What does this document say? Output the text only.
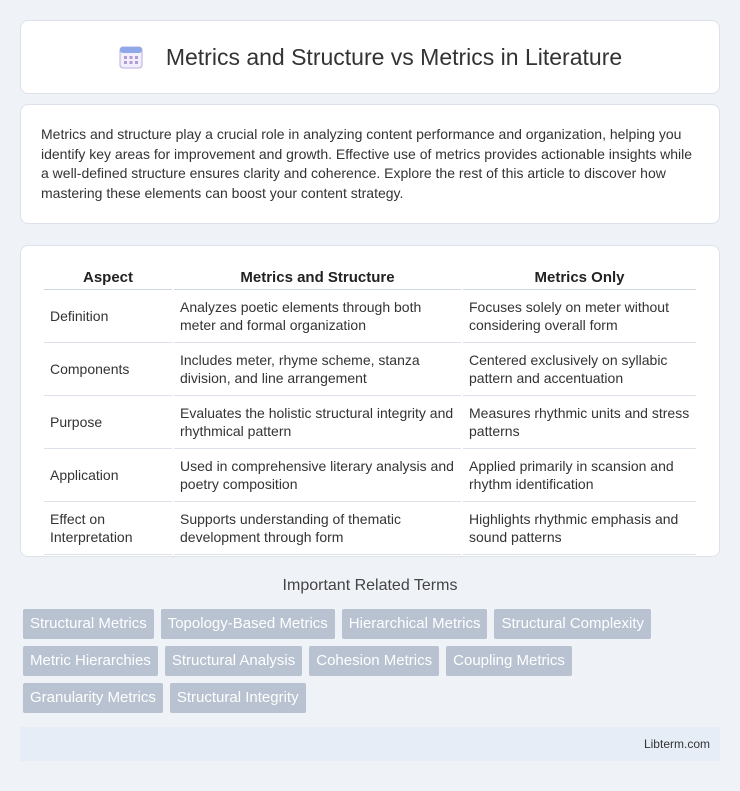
Metrics and Structure vs Metrics in Literature

Metrics and structure play a crucial role in analyzing content performance and organization, helping you identify key areas for improvement and growth. Effective use of metrics provides actionable insights while a well-defined structure ensures clarity and coherence. Explore the rest of this article to discover how mastering these elements can boost your content strategy.

Aspect	Metrics and Structure	Metrics Only
Definition	Analyzes poetic elements through both meter and formal organization	Focuses solely on meter without considering overall form
Components	Includes meter, rhyme scheme, stanza division, and line arrangement	Centered exclusively on syllabic pattern and accentuation
Purpose	Evaluates the holistic structural integrity and rhythmical pattern	Measures rhythmic units and stress patterns
Application	Used in comprehensive literary analysis and poetry composition	Applied primarily in scansion and rhythm identification
Effect on Interpretation	Supports understanding of thematic development through form	Highlights rhythmic emphasis and sound patterns
Important Related Terms
Structural Metrics	Topology-Based Metrics	Hierarchical Metrics	Structural Complexity
Metric Hierarchies	Structural Analysis	Cohesion Metrics	Coupling Metrics
Granularity Metrics	Structural Integrity
Libterm.com
